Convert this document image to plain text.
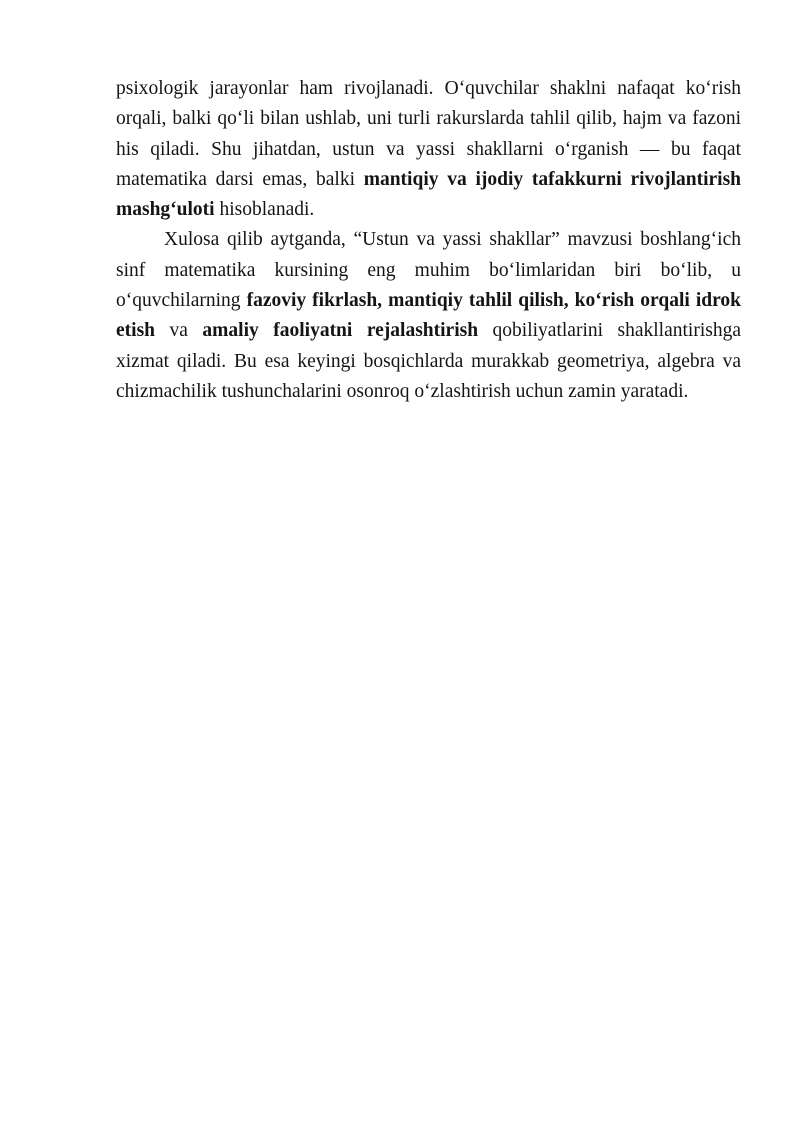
psixologik jarayonlar ham rivojlanadi. O‘quvchilar shaklni nafaqat ko‘rish orqali, balki qo‘li bilan ushlab, uni turli rakurslarda tahlil qilib, hajm va fazoni his qiladi. Shu jihatdan, ustun va yassi shakllarni o‘rganish — bu faqat matematika darsi emas, balki mantiqiy va ijodiy tafakkurni rivojlantirish mashg‘uloti hisoblanadi.

Xulosa qilib aytganda, “Ustun va yassi shakllar” mavzusi boshlang‘ich sinf matematika kursining eng muhim bo‘limlaridan biri bo‘lib, u o‘quvchilarning fazoviy fikrlash, mantiqiy tahlil qilish, ko‘rish orqali idrok etish va amaliy faoliyatni rejalashtirish qobiliyatlarini shakllantirishga xizmat qiladi. Bu esa keyingi bosqichlarda murakkab geometriya, algebra va chizmachilik tushunchalarini osonroq o‘zlashtirish uchun zamin yaratadi.
